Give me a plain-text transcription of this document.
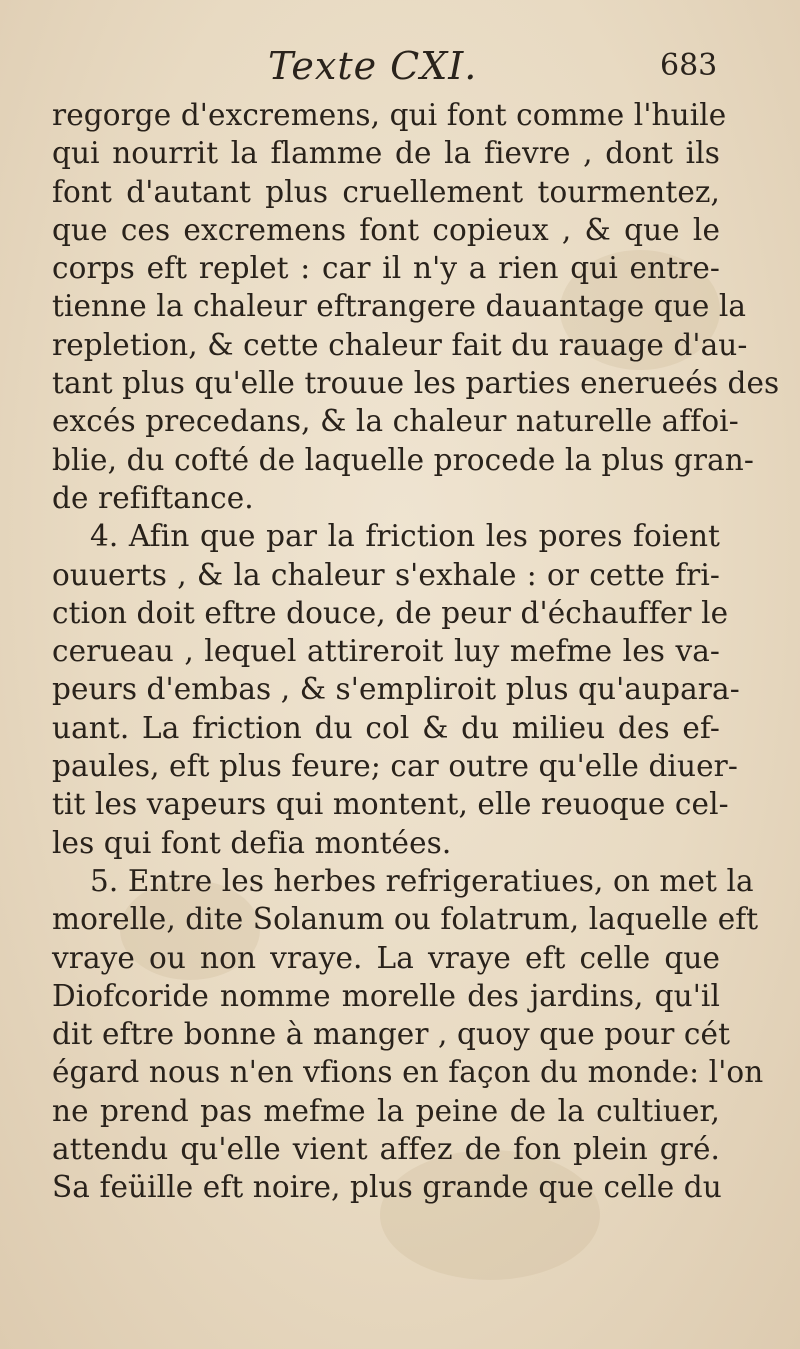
Texte CXI.	683
regorge d'excremens, qui font comme l'huile
qui nourrit la flamme de la fievre , dont ils
font d'autant plus cruellement tourmentez,
que ces excremens font copieux , & que le
corps eft replet : car il n'y a rien qui entre-
tienne la chaleur eftrangere dauantage que la
repletion, & cette chaleur fait du rauage d'au-
tant plus qu'elle trouue les parties enerueés des
excés precedans, & la chaleur naturelle affoi-
blie, du cofté de laquelle procede la plus gran-
de refiftance.
4. Afin que par la friction les pores foient
ouuerts , & la chaleur s'exhale : or cette fri-
ction doit eftre douce, de peur d'échauffer le
cerueau , lequel attireroit luy mefme les va-
peurs d'embas , & s'empliroit plus qu'aupara-
uant. La friction du col & du milieu des ef-
paules, eft plus feure; car outre qu'elle diuer-
tit les vapeurs qui montent, elle reuoque cel-
les qui font defia montées.
5. Entre les herbes refrigeratiues, on met la
morelle, dite Solanum ou folatrum, laquelle eft
vraye ou non vraye. La vraye eft celle que
Diofcoride nomme morelle des jardins, qu'il
dit eftre bonne à manger , quoy que pour cét
égard nous n'en vfions en façon du monde: l'on
ne prend pas mefme la peine de la cultiuer,
attendu qu'elle vient affez de fon plein gré.
Sa feüille eft noire, plus grande que celle du
